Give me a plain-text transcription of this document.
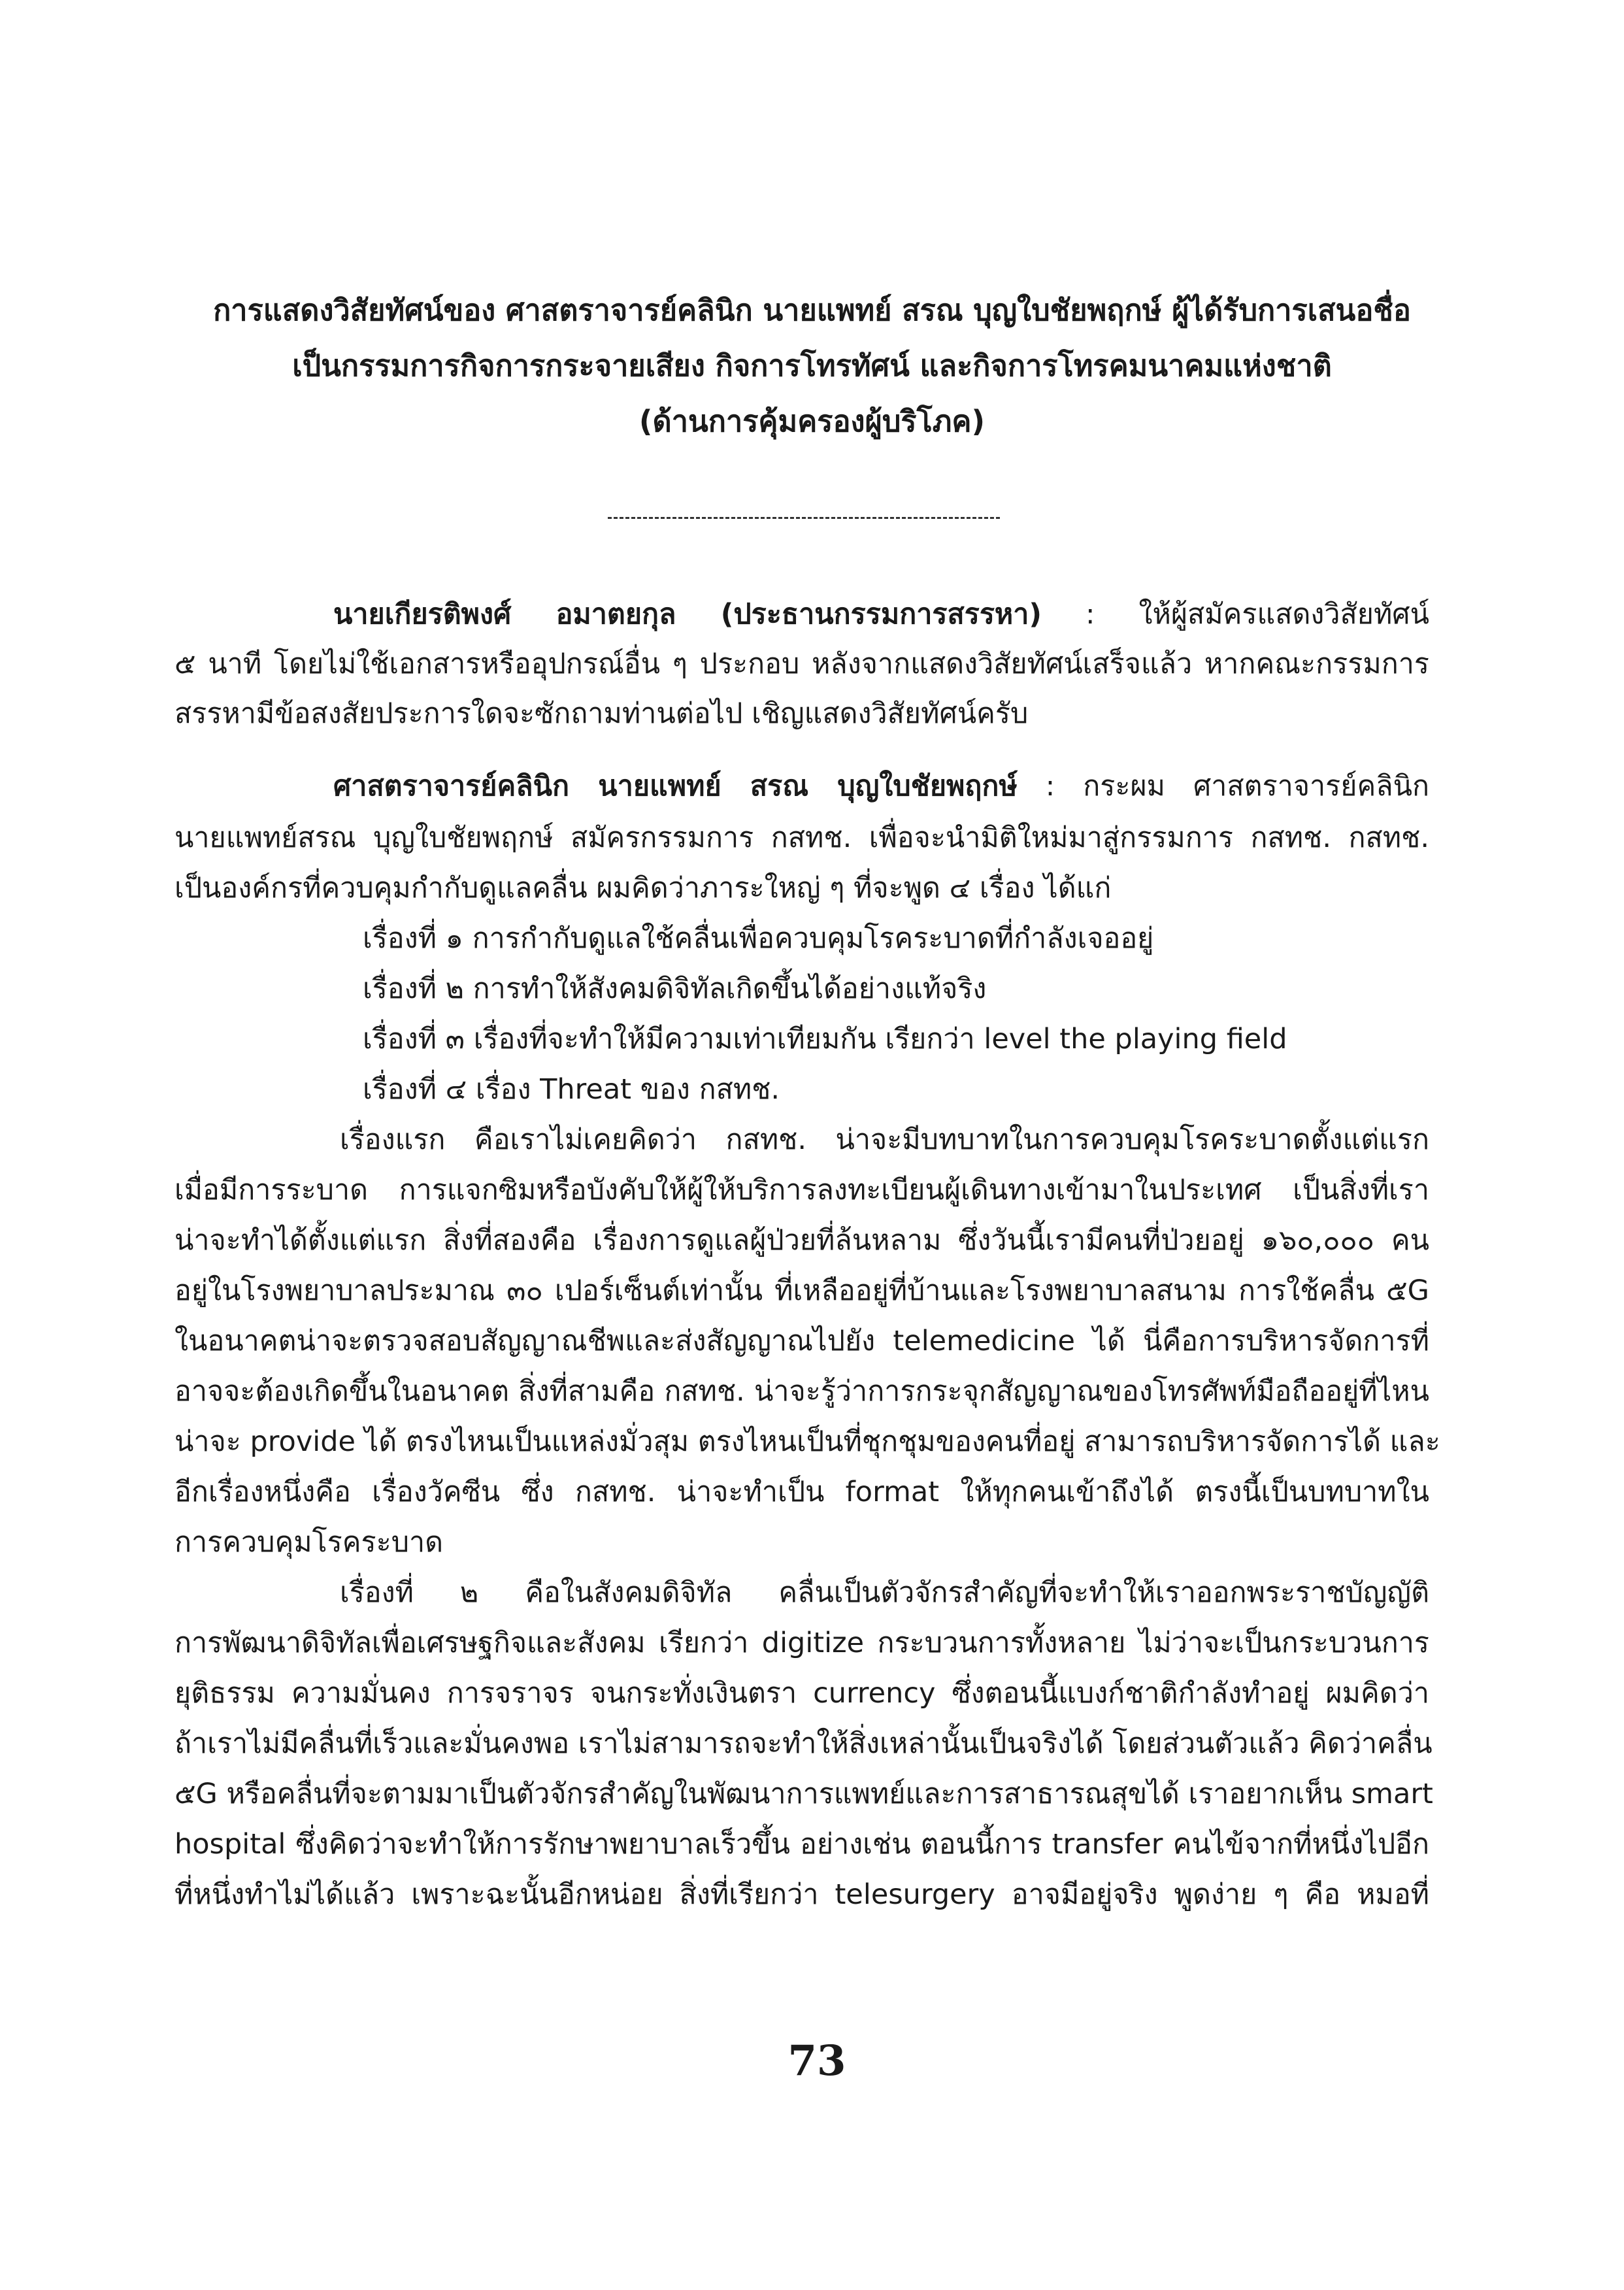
การแสดงวิสัยทัศน์ของ ศาสตราจารย์คลินิก นายแพทย์ สรณ บุญใบชัยพฤกษ์ ผู้ได้รับการเสนอชื่อ
เป็นกรรมการกิจการกระจายเสียง กิจการโทรทัศน์ และกิจการโทรคมนาคมแห่งชาติ
(ด้านการคุ้มครองผู้บริโภค)
นายเกียรติพงศ์ อมาตยกุล (ประธานกรรมการสรรหา) : ให้ผู้สมัครแสดงวิสัยทัศน์
๕ นาที โดยไม่ใช้เอกสารหรืออุปกรณ์อื่น ๆ ประกอบ หลังจากแสดงวิสัยทัศน์เสร็จแล้ว หากคณะกรรมการ
สรรหามีข้อสงสัยประการใดจะซักถามท่านต่อไป เชิญแสดงวิสัยทัศน์ครับ
ศาสตราจารย์คลินิก นายแพทย์ สรณ บุญใบชัยพฤกษ์ : กระผม ศาสตราจารย์คลินิก
นายแพทย์สรณ บุญใบชัยพฤกษ์ สมัครกรรมการ กสทช. เพื่อจะนำมิติใหม่มาสู่กรรมการ กสทช. กสทช.
เป็นองค์กรที่ควบคุมกำกับดูแลคลื่น ผมคิดว่าภาระใหญ่ ๆ ที่จะพูด ๔ เรื่อง ได้แก่
เรื่องที่ ๑ การกำกับดูแลใช้คลื่นเพื่อควบคุมโรคระบาดที่กำลังเจออยู่
เรื่องที่ ๒ การทำให้สังคมดิจิทัลเกิดขึ้นได้อย่างแท้จริง
เรื่องที่ ๓ เรื่องที่จะทำให้มีความเท่าเทียมกัน เรียกว่า level the playing field
เรื่องที่ ๔ เรื่อง Threat ของ กสทช.
เรื่องแรก คือเราไม่เคยคิดว่า กสทช. น่าจะมีบทบาทในการควบคุมโรคระบาดตั้งแต่แรก
เมื่อมีการระบาด การแจกซิมหรือบังคับให้ผู้ให้บริการลงทะเบียนผู้เดินทางเข้ามาในประเทศ เป็นสิ่งที่เรา
น่าจะทำได้ตั้งแต่แรก สิ่งที่สองคือ เรื่องการดูแลผู้ป่วยที่ล้นหลาม ซึ่งวันนี้เรามีคนที่ป่วยอยู่ ๑๖๐,๐๐๐ คน
อยู่ในโรงพยาบาลประมาณ ๓๐ เปอร์เซ็นต์เท่านั้น ที่เหลืออยู่ที่บ้านและโรงพยาบาลสนาม การใช้คลื่น ๕G
ในอนาคตน่าจะตรวจสอบสัญญาณชีพและส่งสัญญาณไปยัง telemedicine ได้ นี่คือการบริหารจัดการที่
อาจจะต้องเกิดขึ้นในอนาคต สิ่งที่สามคือ กสทช. น่าจะรู้ว่าการกระจุกสัญญาณของโทรศัพท์มือถืออยู่ที่ไหน
น่าจะ provide ได้ ตรงไหนเป็นแหล่งมั่วสุม ตรงไหนเป็นที่ชุกชุมของคนที่อยู่ สามารถบริหารจัดการได้ และ
อีกเรื่องหนึ่งคือ เรื่องวัคซีน ซึ่ง กสทช. น่าจะทำเป็น format ให้ทุกคนเข้าถึงได้ ตรงนี้เป็นบทบาทใน
การควบคุมโรคระบาด
เรื่องที่ ๒ คือในสังคมดิจิทัล คลื่นเป็นตัวจักรสำคัญที่จะทำให้เราออกพระราชบัญญัติ
การพัฒนาดิจิทัลเพื่อเศรษฐกิจและสังคม เรียกว่า digitize กระบวนการทั้งหลาย ไม่ว่าจะเป็นกระบวนการ
ยุติธรรม ความมั่นคง การจราจร จนกระทั่งเงินตรา currency ซึ่งตอนนี้แบงก์ชาติกำลังทำอยู่ ผมคิดว่า
ถ้าเราไม่มีคลื่นที่เร็วและมั่นคงพอ เราไม่สามารถจะทำให้สิ่งเหล่านั้นเป็นจริงได้ โดยส่วนตัวแล้ว คิดว่าคลื่น
๕G หรือคลื่นที่จะตามมาเป็นตัวจักรสำคัญในพัฒนาการแพทย์และการสาธารณสุขได้ เราอยากเห็น smart
hospital ซึ่งคิดว่าจะทำให้การรักษาพยาบาลเร็วขึ้น อย่างเช่น ตอนนี้การ transfer คนไข้จากที่หนึ่งไปอีก
ที่หนึ่งทำไม่ได้แล้ว เพราะฉะนั้นอีกหน่อย สิ่งที่เรียกว่า telesurgery อาจมีอยู่จริง พูดง่าย ๆ คือ หมอที่
73
